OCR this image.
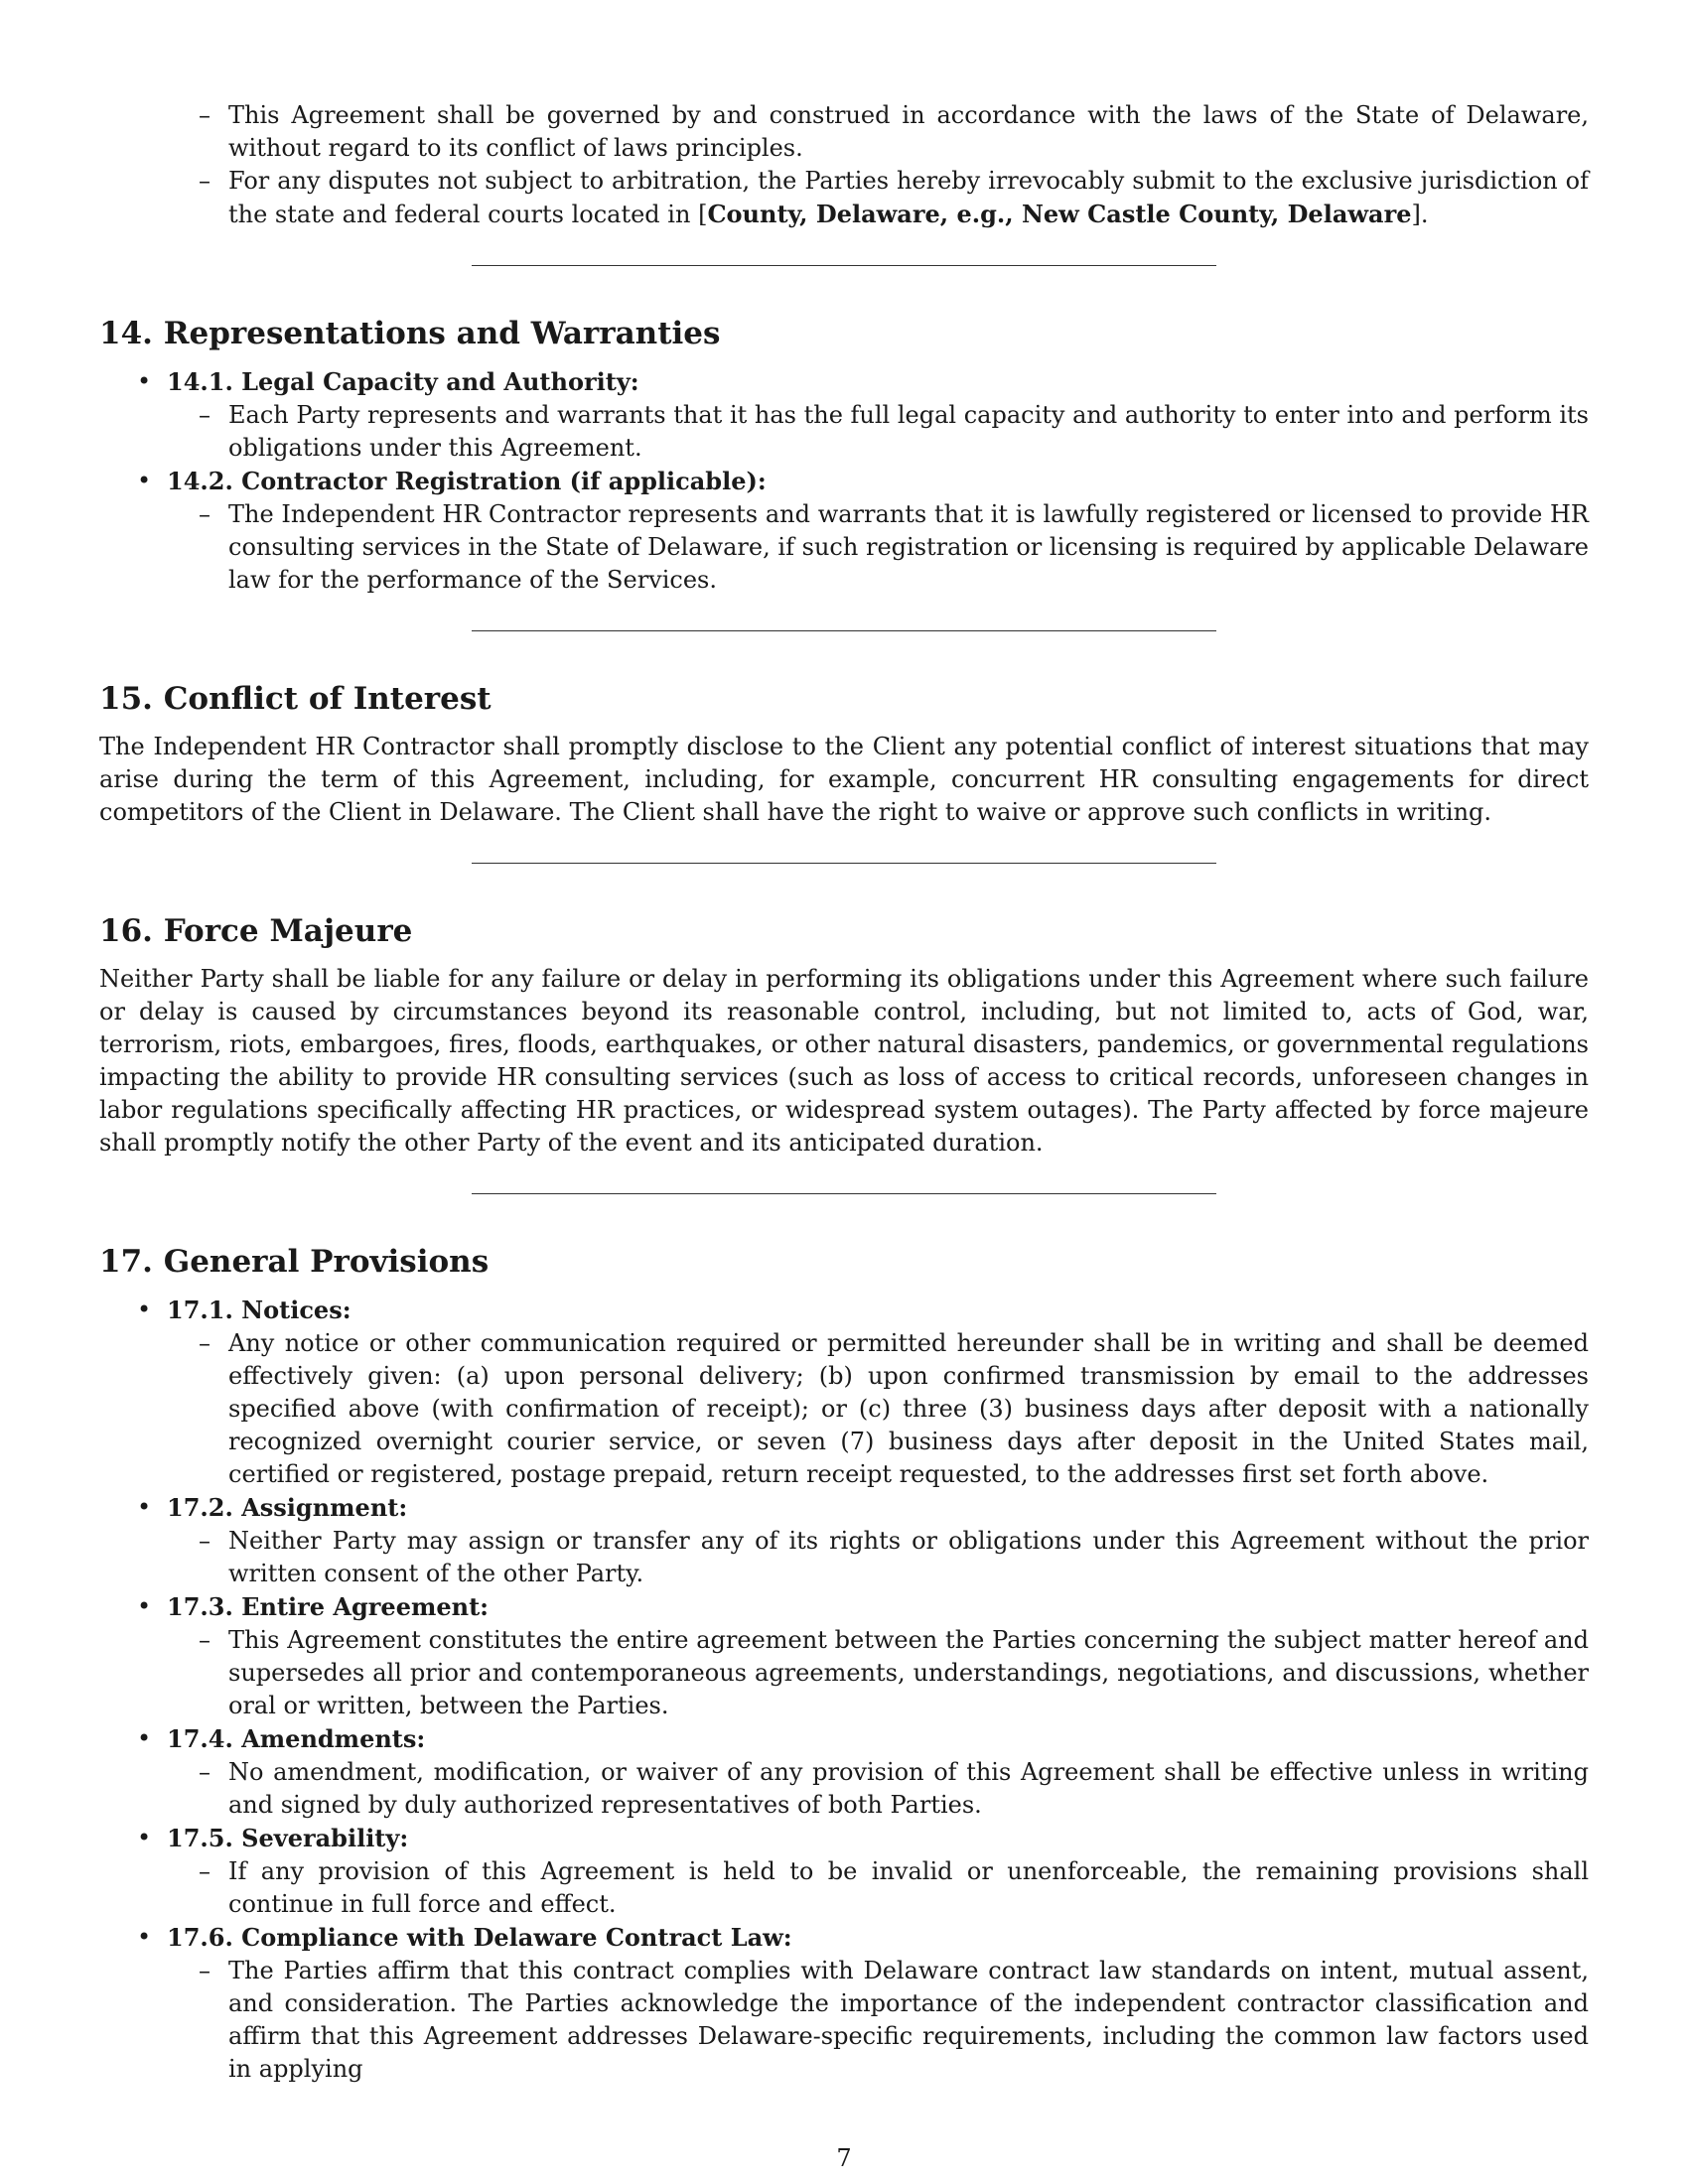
– This Agreement shall be governed by and construed in accordance with the laws of the State of Delaware, without regard to its conflict of laws principles.
– For any disputes not subject to arbitration, the Parties hereby irrevocably submit to the exclusive jurisdiction of the state and federal courts located in [County, Delaware, e.g., New Castle County, Delaware].
14. Representations and Warranties
• 14.1. Legal Capacity and Authority:
– Each Party represents and warrants that it has the full legal capacity and authority to enter into and perform its obligations under this Agreement.
• 14.2. Contractor Registration (if applicable):
– The Independent HR Contractor represents and warrants that it is lawfully registered or licensed to provide HR consulting services in the State of Delaware, if such registration or licensing is required by applicable Delaware law for the performance of the Services.
15. Conflict of Interest

The Independent HR Contractor shall promptly disclose to the Client any potential conflict of interest situations that may arise during the term of this Agreement, including, for example, concurrent HR consulting engagements for direct competitors of the Client in Delaware. The Client shall have the right to waive or approve such conflicts in writing.

16. Force Majeure

Neither Party shall be liable for any failure or delay in performing its obligations under this Agreement where such failure or delay is caused by circumstances beyond its reasonable control, including, but not limited to, acts of God, war, terrorism, riots, embargoes, fires, floods, earthquakes, or other natural disasters, pandemics, or governmental regulations impacting the ability to provide HR consulting services (such as loss of access to critical records, unforeseen changes in labor regulations specifically affecting HR practices, or widespread system outages). The Party affected by force majeure shall promptly notify the other Party of the event and its anticipated duration.

17. General Provisions
• 17.1. Notices:
– Any notice or other communication required or permitted hereunder shall be in writing and shall be deemed effectively given: (a) upon personal delivery; (b) upon confirmed transmission by email to the addresses specified above (with confirmation of receipt); or (c) three (3) business days after deposit with a nationally recognized overnight courier service, or seven (7) business days after deposit in the United States mail, certified or registered, postage prepaid, return receipt requested, to the addresses first set forth above.
• 17.2. Assignment:
– Neither Party may assign or transfer any of its rights or obligations under this Agreement without the prior written consent of the other Party.
• 17.3. Entire Agreement:
– This Agreement constitutes the entire agreement between the Parties concerning the subject matter hereof and supersedes all prior and contemporaneous agreements, understandings, negotiations, and discussions, whether oral or written, between the Parties.
• 17.4. Amendments:
– No amendment, modification, or waiver of any provision of this Agreement shall be effective unless in writing and signed by duly authorized representatives of both Parties.
• 17.5. Severability:
– If any provision of this Agreement is held to be invalid or unenforceable, the remaining provisions shall continue in full force and effect.
• 17.6. Compliance with Delaware Contract Law:
– The Parties affirm that this contract complies with Delaware contract law standards on intent, mutual assent, and consideration. The Parties acknowledge the importance of the independent contractor classification and affirm that this Agreement addresses Delaware-specific requirements, including the common law factors used in applying
7
